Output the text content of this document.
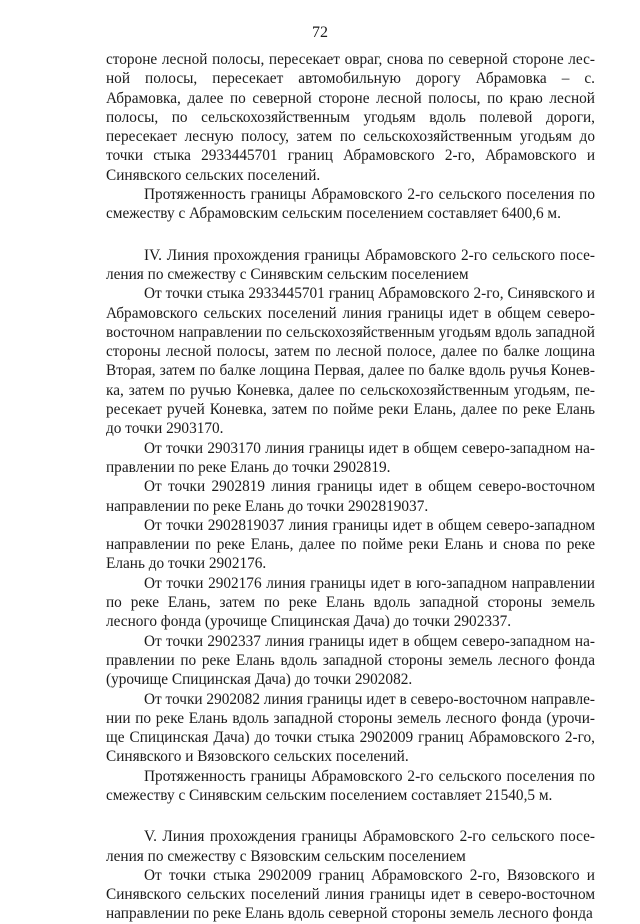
72

стороне лесной полосы, пересекает овраг, снова по северной стороне лесной полосы, пересекает автомобильную дорогу Абрамовка – с. Абрамовка, далее по северной стороне лесной полосы, по краю лесной полосы, по сельскохозяйственным угодьям вдоль полевой дороги, пересекает лесную полосу, затем по сельскохозяйственным угодьям до точки стыка 2933445701 границ Абрамовского 2-го, Абрамовского и Синявского сельских поселений.

Протяженность границы Абрамовского 2-го сельского поселения по смежеству с Абрамовским сельским поселением составляет 6400,6 м.

IV. Линия прохождения границы Абрамовского 2-го сельского поселения по смежеству с Синявским сельским поселением

От точки стыка 2933445701 границ Абрамовского 2-го, Синявского и Абрамовского сельских поселений линия границы идет в общем северо-восточном направлении по сельскохозяйственным угодьям вдоль западной стороны лесной полосы, затем по лесной полосе, далее по балке лощина Вторая, затем по балке лощина Первая, далее по балке вдоль ручья Коневка, затем по ручью Коневка, далее по сельскохозяйственным угодьям, пересекает ручей Коневка, затем по пойме реки Елань, далее по реке Елань до точки 2903170.

От точки 2903170 линия границы идет в общем северо-западном направлении по реке Елань до точки 2902819.

От точки 2902819 линия границы идет в общем северо-восточном направлении по реке Елань до точки 2902819037.

От точки 2902819037 линия границы идет в общем северо-западном направлении по реке Елань, далее по пойме реки Елань и снова по реке Елань до точки 2902176.

От точки 2902176 линия границы идет в юго-западном направлении по реке Елань, затем по реке Елань вдоль западной стороны земель лесного фонда (урочище Спицинская Дача) до точки 2902337.

От точки 2902337 линия границы идет в общем северо-западном направлении по реке Елань вдоль западной стороны земель лесного фонда (урочище Спицинская Дача) до точки 2902082.

От точки 2902082 линия границы идет в северо-восточном направлении по реке Елань вдоль западной стороны земель лесного фонда (урочище Спицинская Дача) до точки стыка 2902009 границ Абрамовского 2-го, Синявского и Вязовского сельских поселений.

Протяженность границы Абрамовского 2-го сельского поселения по смежеству с Синявским сельским поселением составляет 21540,5 м.

V. Линия прохождения границы Абрамовского 2-го сельского поселения по смежеству с Вязовским сельским поселением

От точки стыка 2902009 границ Абрамовского 2-го, Вязовского и Синявского сельских поселений линия границы идет в северо-восточном направлении по реке Елань вдоль северной стороны земель лесного фонда
